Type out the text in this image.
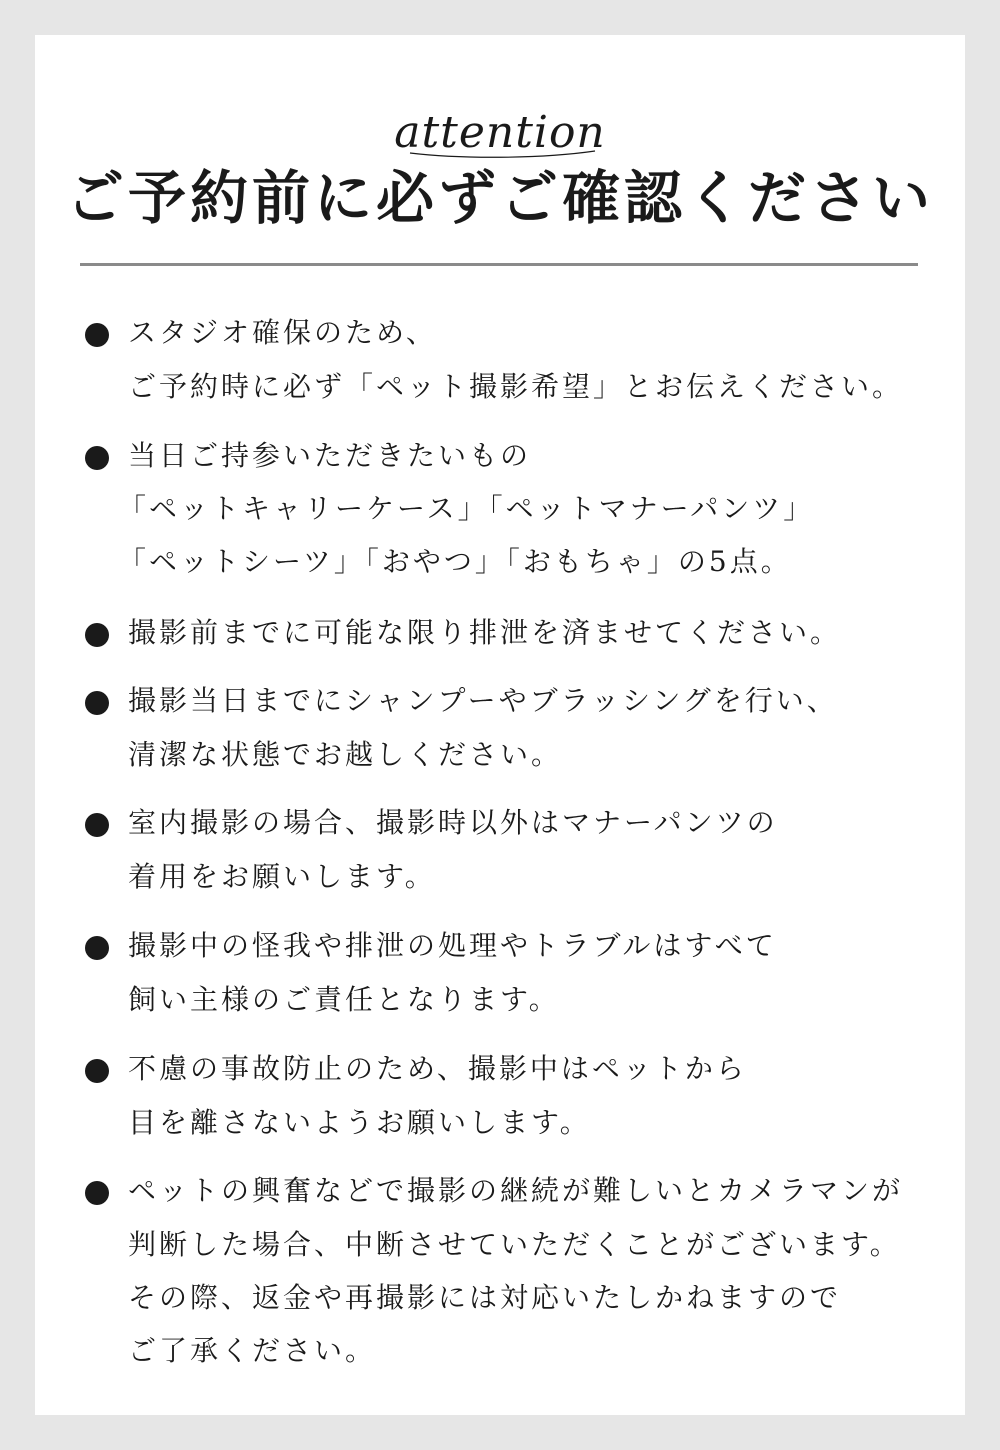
attention
ご予約前に必ずご確認ください
スタジオ確保のため、
ご予約時に必ず「ペット撮影希望」とお伝えください。
当日ご持参いただきたいもの
「ペットキャリーケース」「ペットマナーパンツ」
「ペットシーツ」「おやつ」「おもちゃ」の5点。
撮影前までに可能な限り排泄を済ませてください。
撮影当日までにシャンプーやブラッシングを行い、
清潔な状態でお越しください。
室内撮影の場合、撮影時以外はマナーパンツの
着用をお願いします。
撮影中の怪我や排泄の処理やトラブルはすべて
飼い主様のご責任となります。
不慮の事故防止のため、撮影中はペットから
目を離さないようお願いします。
ペットの興奮などで撮影の継続が難しいとカメラマンが
判断した場合、中断させていただくことがございます。
その際、返金や再撮影には対応いたしかねますので
ご了承ください。
